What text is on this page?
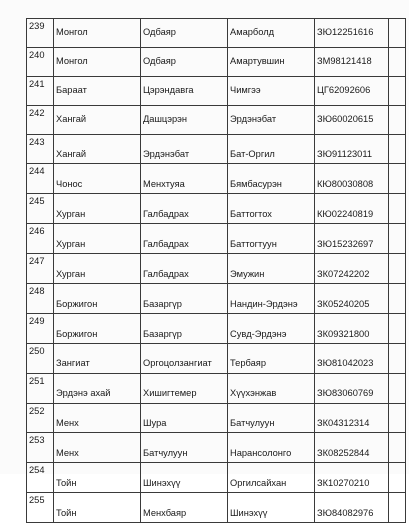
239	Монгол	Одбаяр	Амарболд	ЗЮ12251616	
240	Монгол	Одбаяр	Амартувшин	ЗМ98121418	
241	Бараат	Цэрэндавга	Чимгээ	ЦГ62092606	
242	Хангай	Дашцэрэн	Эрдэнэбат	ЗЮ60020615	
243	Хангай	Эрдэнэбат	Бат-Оргил	ЗЮ91123011	
244	Чонос	Менхтуяа	Бямбасурэн	КЮ80030808	
245	Хурган	Галбадрах	Баттогтох	КЮ02240819	
246	Хурган	Галбадрах	Баттогтуун	ЗЮ15232697	
247	Хурган	Галбадрах	Эмужин	ЗК07242202	
248	Боржигон	Базаргүр	Нандин-Эрдэнэ	ЗК05240205	
249	Боржигон	Базаргүр	Сувд-Эрдэнэ	ЗК09321800	
250	Зангиат	Оргоцолзангиат	Тербаяр	ЗЮ81042023	
251	Эрдэнэ ахай	Хишигтемер	Хүүхэнжав	ЗЮ83060769	
252	Менх	Шура	Батчулуун	ЗК04312314	
253	Менх	Батчулуун	Нарансолонго	ЗК08252844	
254	Тойн	Шинэхүү	Оргилсайхан	ЗК10270210	
255	Тойн	Менхбаяр	Шинэхүү	ЗЮ84082976	
